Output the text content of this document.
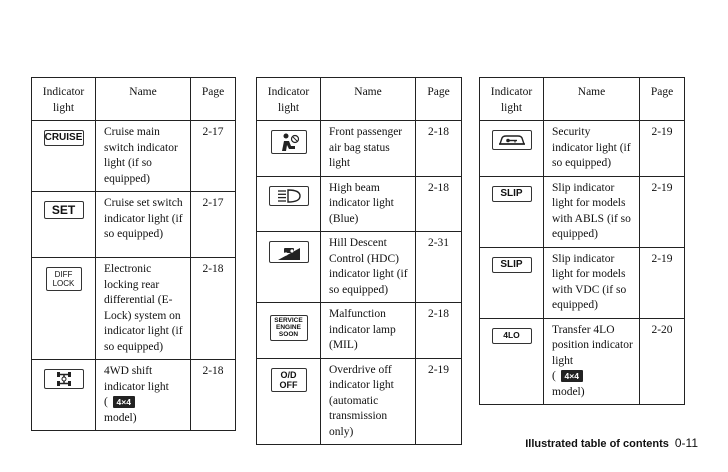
Indicator light	Name	Page
CRUISE	Cruise main switch indicator light (if so equipped)	2-17
SET	Cruise set switch indicator light (if so equipped)	2-17

DIFF
LOCK	Electronic locking rear differential (E-Lock) system on indicator light (if so equipped)	2-18

	4WD shift indicator light
( 4×4
model)	2-18
Indicator light	Name	Page

	Front passenger air bag status light	2-18

	High beam indicator light (Blue)	2-18

	Hill Descent Control (HDC) indicator light (if so equipped)	2-31

SERVICE
ENGINE
SOON	Malfunction indicator lamp (MIL)	2-18

O/D
OFF	Overdrive off indicator light (automatic transmission only)	2-19
Indicator light	Name	Page

	Security indicator light (if so equipped)	2-19
SLIP	Slip indicator light for models with ABLS (if so equipped)	2-19
SLIP	Slip indicator light for models with VDC (if so equipped)	2-19
4LO	Transfer 4LO position indicator light
( 4×4
model)	2-20
Illustrated table of contents 0-11
